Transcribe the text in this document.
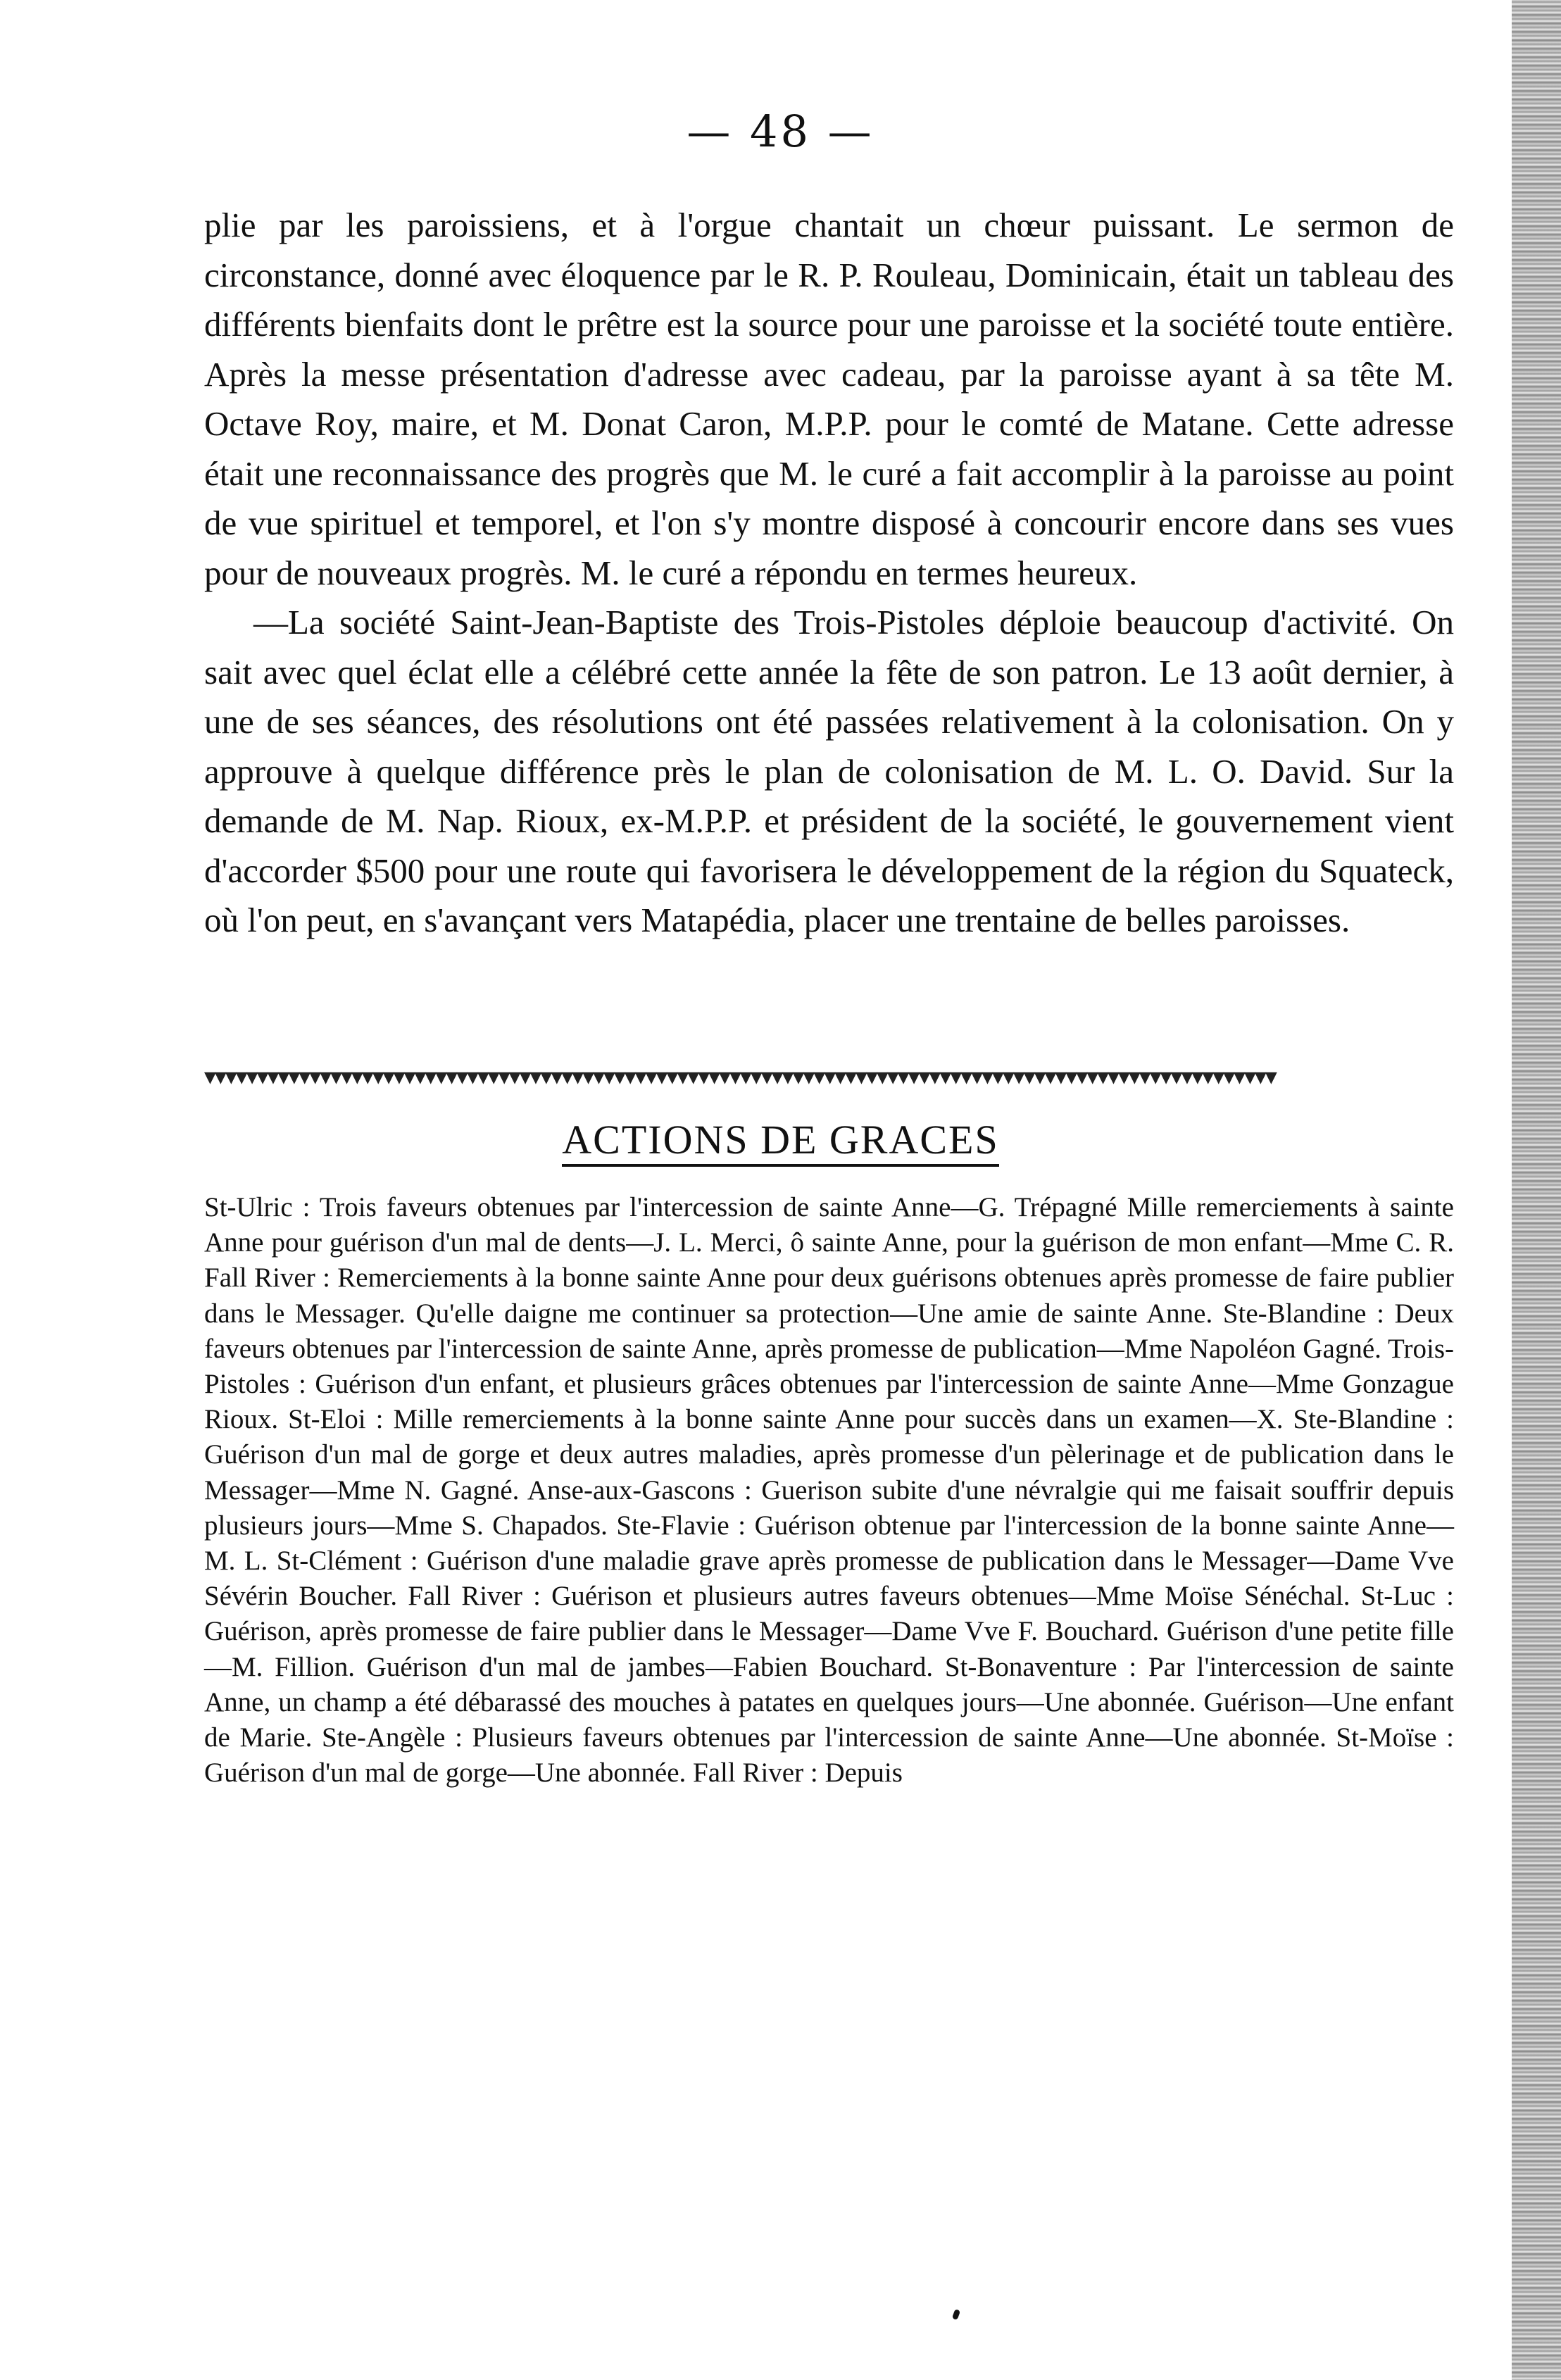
— 48 —

plie par les paroissiens, et à l'orgue chantait un chœur puissant. Le sermon de circonstance, donné avec éloquence par le R. P. Rouleau, Dominicain, était un tableau des différents bienfaits dont le prêtre est la source pour une paroisse et la société toute entière. Après la messe présentation d'adresse avec cadeau, par la paroisse ayant à sa tête M. Octave Roy, maire, et M. Donat Caron, M.P.P. pour le comté de Matane. Cette adresse était une reconnaissance des progrès que M. le curé a fait accomplir à la paroisse au point de vue spirituel et temporel, et l'on s'y montre disposé à concourir encore dans ses vues pour de nouveaux progrès. M. le curé a répondu en termes heureux.

—La société Saint-Jean-Baptiste des Trois-Pistoles déploie beaucoup d'activité. On sait avec quel éclat elle a célébré cette année la fête de son patron. Le 13 août dernier, à une de ses séances, des résolutions ont été passées relativement à la colonisation. On y approuve à quelque différence près le plan de colonisation de M. L. O. David. Sur la demande de M. Nap. Rioux, ex-M.P.P. et président de la société, le gouvernement vient d'accorder $500 pour une route qui favorisera le développement de la région du Squateck, où l'on peut, en s'avançant vers Matapédia, placer une trentaine de belles paroisses.

▼▼▼▼▼▼▼▼▼▼▼▼▼▼▼▼▼▼▼▼▼▼▼▼▼▼▼▼▼▼▼▼▼▼▼▼▼▼▼▼▼▼▼▼▼▼▼▼▼▼▼▼▼▼▼▼▼▼▼▼▼▼▼▼▼▼▼▼▼▼▼▼▼▼▼▼▼▼▼▼▼▼▼▼▼▼▼▼▼▼▼▼▼▼▼▼▼▼▼▼▼▼
ACTIONS DE GRACES

St-Ulric : Trois faveurs obtenues par l'intercession de sainte Anne—G. Trépagné Mille remerciements à sainte Anne pour guérison d'un mal de dents—J. L. Merci, ô sainte Anne, pour la guérison de mon enfant—Mme C. R. Fall River : Remerciements à la bonne sainte Anne pour deux guérisons obtenues après promesse de faire publier dans le Messager. Qu'elle daigne me continuer sa protection—Une amie de sainte Anne. Ste-Blandine : Deux faveurs obtenues par l'intercession de sainte Anne, après promesse de publication—Mme Napoléon Gagné. Trois-Pistoles : Guérison d'un enfant, et plusieurs grâces obtenues par l'intercession de sainte Anne—Mme Gonzague Rioux. St-Eloi : Mille remerciements à la bonne sainte Anne pour succès dans un examen—X. Ste-Blandine : Guérison d'un mal de gorge et deux autres maladies, après promesse d'un pèlerinage et de publication dans le Messager—Mme N. Gagné. Anse-aux-Gascons : Guerison subite d'une névralgie qui me faisait souffrir depuis plusieurs jours—Mme S. Chapados. Ste-Flavie : Guérison obtenue par l'intercession de la bonne sainte Anne—M. L. St-Clément : Guérison d'une maladie grave après promesse de publication dans le Messager—Dame Vve Sévérin Boucher. Fall River : Guérison et plusieurs autres faveurs obtenues—Mme Moïse Sénéchal. St-Luc : Guérison, après promesse de faire publier dans le Messager—Dame Vve F. Bouchard. Guérison d'une petite fille—M. Fillion. Guérison d'un mal de jambes—Fabien Bouchard. St-Bonaventure : Par l'intercession de sainte Anne, un champ a été débarassé des mouches à patates en quelques jours—Une abonnée. Guérison—Une enfant de Marie. Ste-Angèle : Plusieurs faveurs obtenues par l'intercession de sainte Anne—Une abonnée. St-Moïse : Guérison d'un mal de gorge—Une abonnée. Fall River : Depuis
